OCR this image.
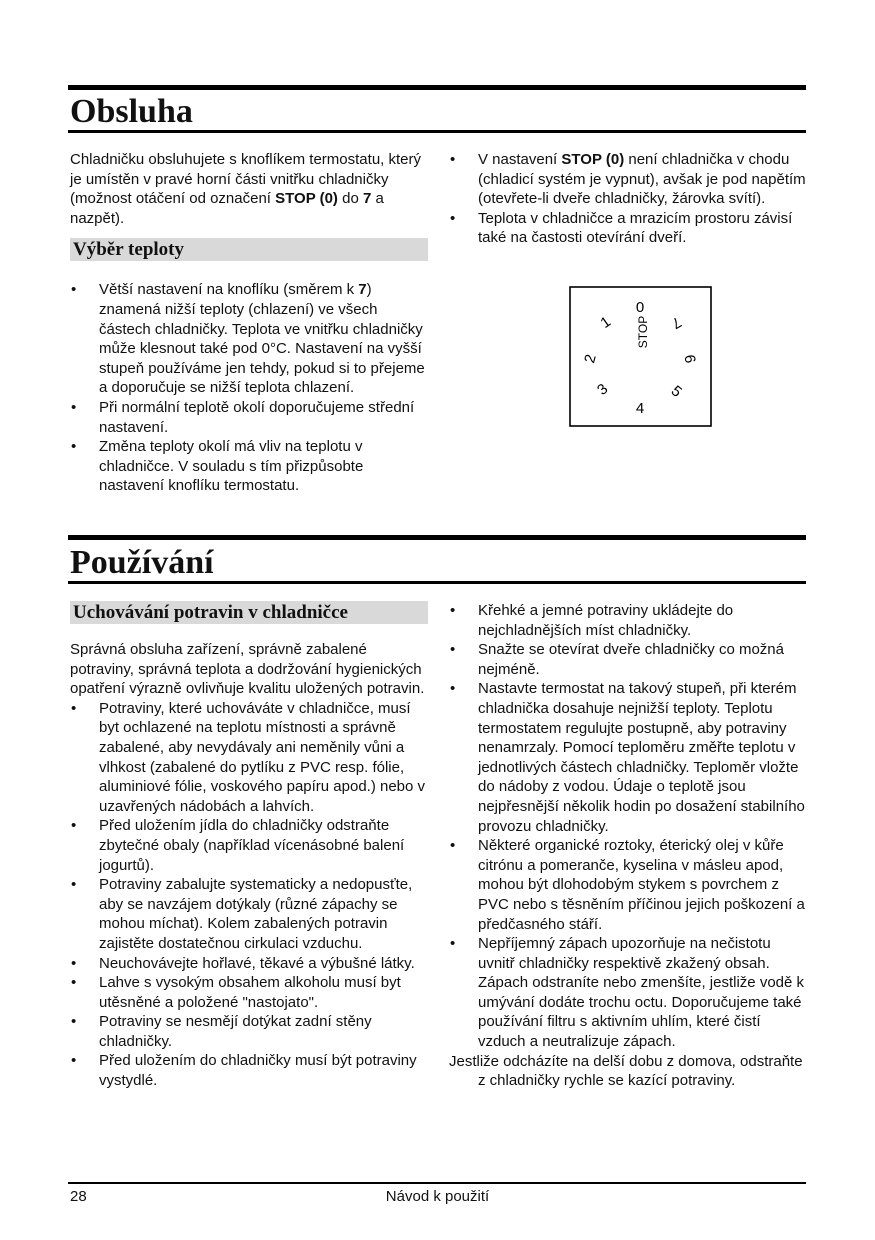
Obsluha

Chladničku obsluhujete s knoflíkem termostatu, který je umístěn v pravé horní části vnitřku chladničky (možnost otáčení od označení STOP (0) do 7 a nazpět).

Výběr teploty
• Větší nastavení na knoflíku (směrem k 7) znamená nižší teploty (chlazení) ve všech částech chladničky. Teplota ve vnitřku chladničky může klesnout také pod 0°C. Nastavení na vyšší stupeň používáme jen tehdy, pokud si to přejeme a doporučuje se nižší teplota chlazení.
• Při normální teplotě okolí doporučujeme střední nastavení.
• Změna teploty okolí má vliv na teplotu v chladničce. V souladu s tím přizpůsobte nastavení knoflíku termostatu.
• V nastavení STOP (0) není chladnička v chodu (chladicí systém je vypnut), avšak je pod napětím (otevřete-li dveře chladničky, žárovka svítí).
• Teplota v chladničce a mrazicím prostoru závisí také na častosti otevírání dveří.
STOP
0
1
2
3
4
5
6
7
Používání
Uchovávání potravin v chladničce

Správná obsluha zařízení, správně zabalené potraviny, správná teplota a dodržování hygienických opatření výrazně ovlivňuje kvalitu uložených potravin.

• Potraviny, které uchováváte v chladničce, musí byt ochlazené na teplotu místnosti a správně zabalené, aby nevydávaly ani neměnily vůni a vlhkost (zabalené do pytlíku z PVC resp. fólie, aluminiové fólie, voskového papíru apod.) nebo v uzavřených nádobách a lahvích.
• Před uložením jídla do chladničky odstraňte zbytečné obaly (například vícenásobné balení jogurtů).
• Potraviny zabalujte systematicky a nedopusťte, aby se navzájem dotýkaly (různé zápachy se mohou míchat). Kolem zabalených potravin zajistěte dostatečnou cirkulaci vzduchu.
• Neuchovávejte hořlavé, těkavé a výbušné látky.
• Lahve s vysokým obsahem alkoholu musí byt utěsněné a položené "nastojato".
• Potraviny se nesmějí dotýkat zadní stěny chladničky.
• Před uložením do chladničky musí být potraviny vystydlé.
• Křehké a jemné potraviny ukládejte do nejchladnějších míst chladničky.
• Snažte se otevírat dveře chladničky co možná nejméně.
• Nastavte termostat na takový stupeň, při kterém chladnička dosahuje nejnižší teploty. Teplotu termostatem regulujte postupně, aby potraviny nenamrzaly. Pomocí teploměru změřte teplotu v jednotlivých částech chladničky. Teploměr vložte do nádoby z vodou. Údaje o teplotě jsou nejpřesnější několik hodin po dosažení stabilního provozu chladničky.
• Některé organické roztoky, éterický olej v kůře citrónu a pomeranče, kyselina v másleu apod, mohou být dlohodobým stykem s povrchem z PVC nebo s těsněním příčinou jejich poškození a předčasného stáří.
• Nepříjemný zápach upozorňuje na nečistotu uvnitř chladničky respektivě zkažený obsah. Zápach odstraníte nebo zmenšíte, jestliže vodě k umývání dodáte trochu octu. Doporučujeme také používání filtru s aktivním uhlím, které čistí vzduch a neutralizuje zápach.

Jestliže odcházíte na delší dobu z domova, odstraňte z chladničky rychle se kazící potraviny.

28	Návod k použití
